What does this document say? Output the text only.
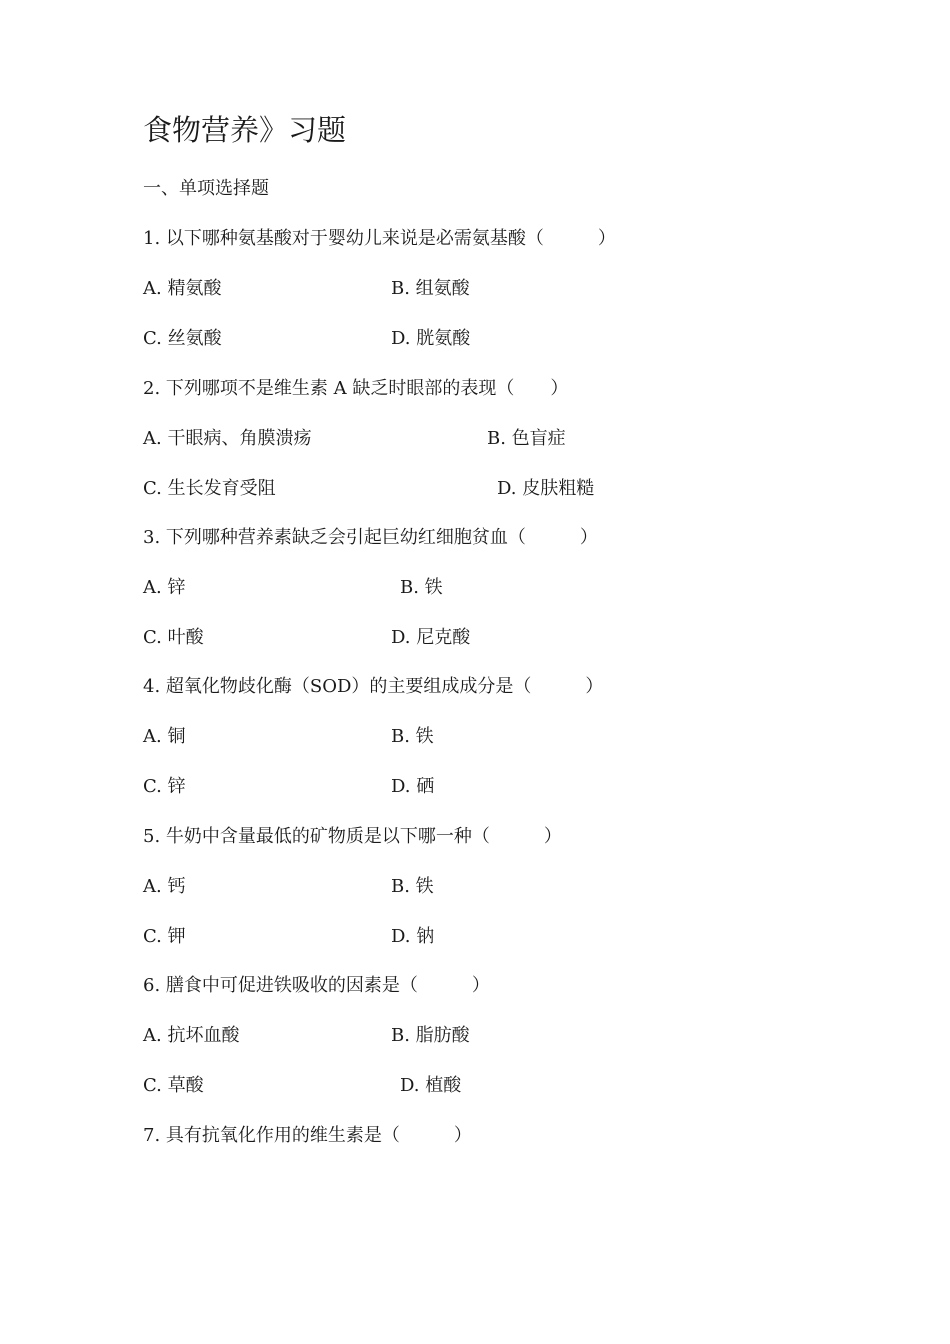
食物营养》习题
一、单项选择题
1. 以下哪种氨基酸对于婴幼儿来说是必需氨基酸（　　　）
A. 精氨酸	B. 组氨酸
C. 丝氨酸	D. 胱氨酸
2. 下列哪项不是维生素 A 缺乏时眼部的表现（　　）
A. 干眼病、角膜溃疡	B. 色盲症
C. 生长发育受阻	D. 皮肤粗糙
3. 下列哪种营养素缺乏会引起巨幼红细胞贫血（　　　）
A. 锌	B. 铁
C. 叶酸	D. 尼克酸
4. 超氧化物歧化酶（SOD）的主要组成成分是（　　　）
A. 铜	B. 铁
C. 锌	D. 硒
5. 牛奶中含量最低的矿物质是以下哪一种（　　　）
A. 钙	B. 铁
C. 钾	D. 钠
6. 膳食中可促进铁吸收的因素是（　　　）
A. 抗坏血酸	B. 脂肪酸
C. 草酸	D. 植酸
7. 具有抗氧化作用的维生素是（　　　）
